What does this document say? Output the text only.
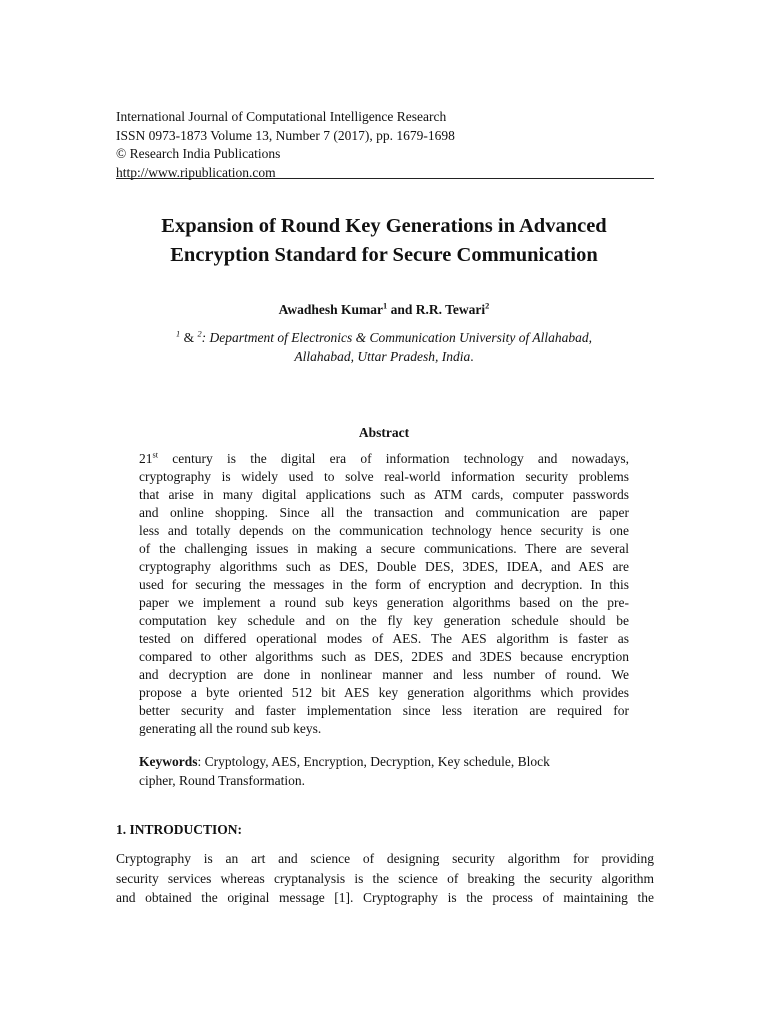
International Journal of Computational Intelligence Research
ISSN 0973-1873 Volume 13, Number 7 (2017), pp. 1679-1698
© Research India Publications
http://www.ripublication.com
Expansion of Round Key Generations in Advanced
Encryption Standard for Secure Communication
Awadhesh Kumar$^1$ and R.R. Tewari$^2$
$^1$ & $^2$: Department of Electronics & Communication University of Allahabad,
Allahabad, Uttar Pradesh, India.
Abstract
21st century is the digital era of information technology and nowadays,
cryptography is widely used to solve real-world information security problems
that arise in many digital applications such as ATM cards, computer passwords
and online shopping. Since all the transaction and communication are paper
less and totally depends on the communication technology hence security is one
of the challenging issues in making a secure communications. There are several
cryptography algorithms such as DES, Double DES, 3DES, IDEA, and AES are
used for securing the messages in the form of encryption and decryption. In this
paper we implement a round sub keys generation algorithms based on the pre-
computation key schedule and on the fly key generation schedule should be
tested on differed operational modes of AES. The AES algorithm is faster as
compared to other algorithms such as DES, 2DES and 3DES because encryption
and decryption are done in nonlinear manner and less number of round. We
propose a byte oriented 512 bit AES key generation algorithms which provides
better security and faster implementation since less iteration are required for
generating all the round sub keys.
Keywords: Cryptology, AES, Encryption, Decryption, Key schedule, Block
cipher, Round Transformation.
1. INTRODUCTION:
Cryptography is an art and science of designing security algorithm for providing
security services whereas cryptanalysis is the science of breaking the security algorithm
and obtained the original message [1]. Cryptography is the process of maintaining the
